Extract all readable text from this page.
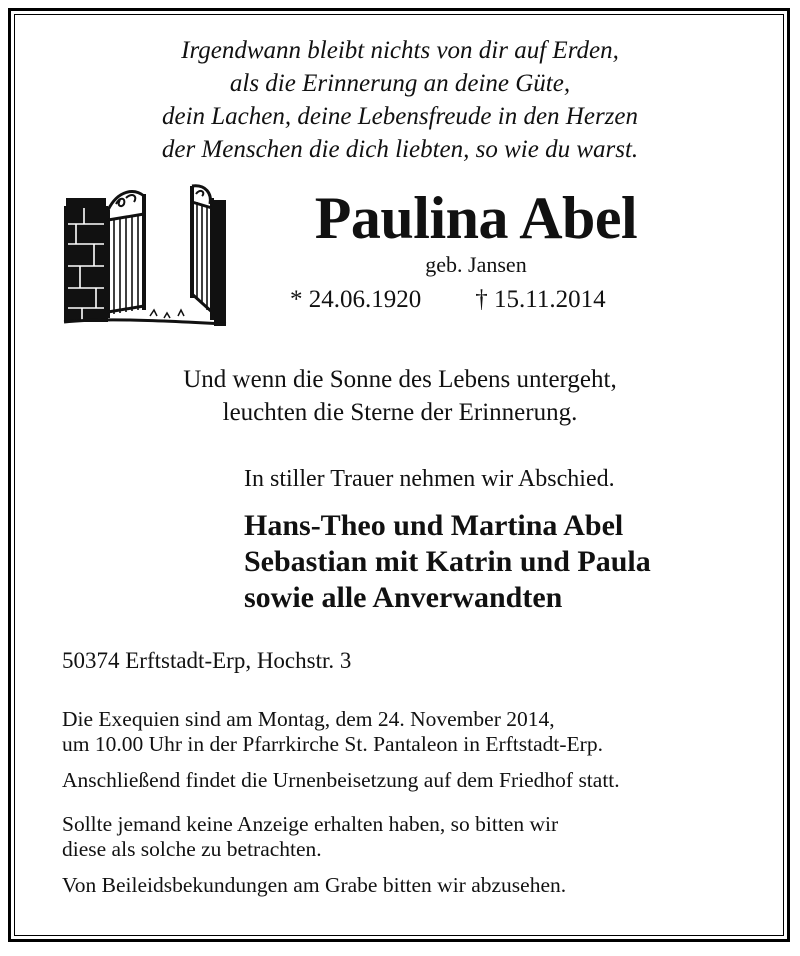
Irgendwann bleibt nichts von dir auf Erden,
als die Erinnerung an deine Güte,
dein Lachen, deine Lebensfreude in den Herzen
der Menschen die dich liebten, so wie du warst.
Paulina Abel
geb. Jansen
* 24.06.1920 † 15.11.2014
Und wenn die Sonne des Lebens untergeht,
leuchten die Sterne der Erinnerung.
In stiller Trauer nehmen wir Abschied.
Hans-Theo und Martina Abel
Sebastian mit Katrin und Paula
sowie alle Anverwandten
50374 Erftstadt-Erp, Hochstr. 3
Die Exequien sind am Montag, dem 24. November 2014,
um 10.00 Uhr in der Pfarrkirche St. Pantaleon in Erftstadt-Erp.
Anschließend findet die Urnenbeisetzung auf dem Friedhof statt.
Sollte jemand keine Anzeige erhalten haben, so bitten wir
diese als solche zu betrachten.
Von Beileidsbekundungen am Grabe bitten wir abzusehen.
